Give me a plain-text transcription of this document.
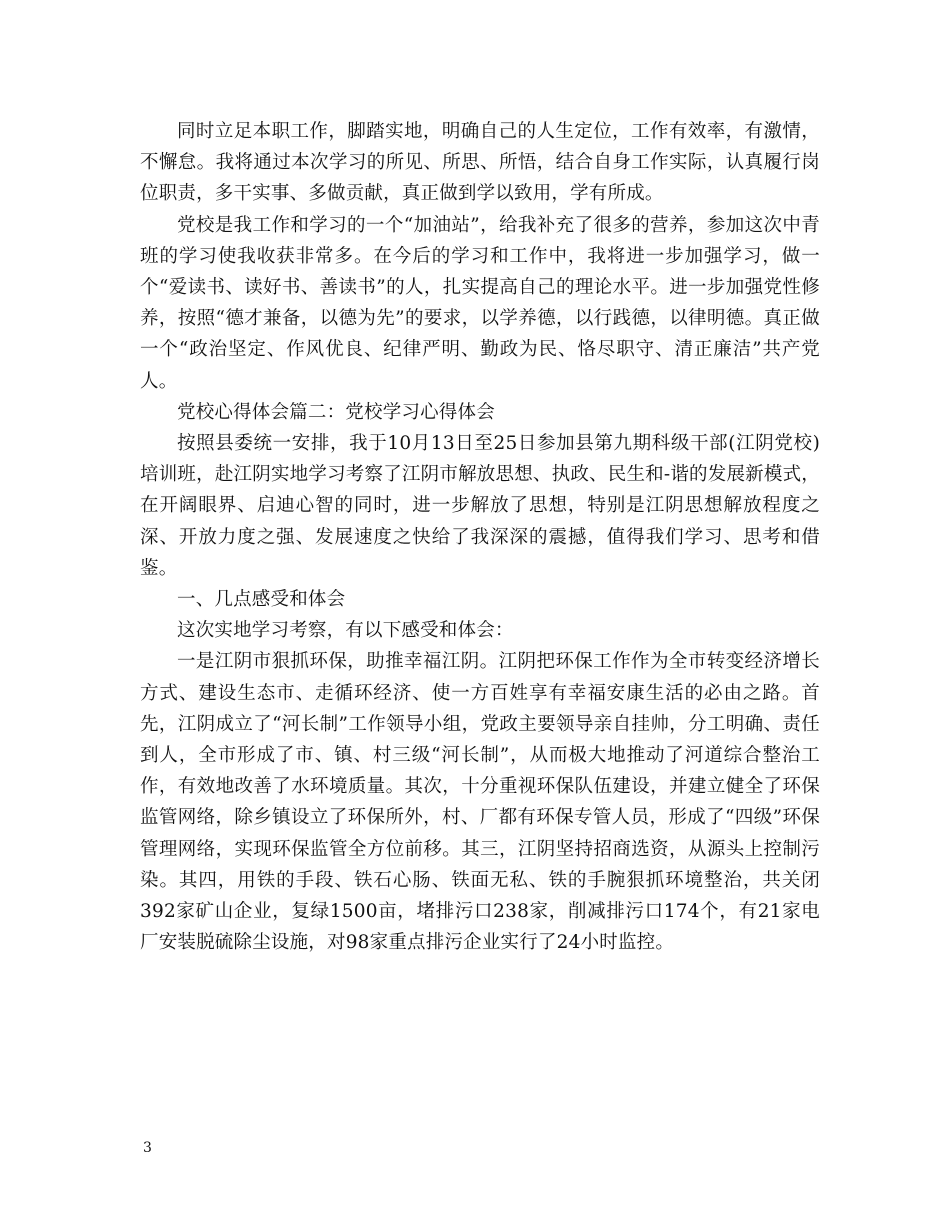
同时立足本职工作，脚踏实地，明确自己的人生定位，工作有效率，有激情，不懈怠。我将通过本次学习的所见、所思、所悟，结合自身工作实际，认真履行岗位职责，多干实事、多做贡献，真正做到学以致用，学有所成。

党校是我工作和学习的一个“加油站”，给我补充了很多的营养，参加这次中青班的学习使我收获非常多。在今后的学习和工作中，我将进一步加强学习，做一个“爱读书、读好书、善读书”的人，扎实提高自己的理论水平。进一步加强党性修养，按照“德才兼备，以德为先”的要求，以学养德，以行践德，以律明德。真正做一个“政治坚定、作风优良、纪律严明、勤政为民、恪尽职守、清正廉洁”共产党人。

党校心得体会篇二：党校学习心得体会

按照县委统一安排，我于10月13日至25日参加县第九期科级干部(江阴党校)培训班，赴江阴实地学习考察了江阴市解放思想、执政、民生和-谐的发展新模式，在开阔眼界、启迪心智的同时，进一步解放了思想，特别是江阴思想解放程度之深、开放力度之强、发展速度之快给了我深深的震撼，值得我们学习、思考和借鉴。

一、几点感受和体会

这次实地学习考察，有以下感受和体会：

一是江阴市狠抓环保，助推幸福江阴。江阴把环保工作作为全市转变经济增长方式、建设生态市、走循环经济、使一方百姓享有幸福安康生活的必由之路。首先，江阴成立了“河长制”工作领导小组，党政主要领导亲自挂帅，分工明确、责任到人，全市形成了市、镇、村三级“河长制”，从而极大地推动了河道综合整治工作，有效地改善了水环境质量。其次，十分重视环保队伍建设，并建立健全了环保监管网络，除乡镇设立了环保所外，村、厂都有环保专管人员，形成了“四级”环保管理网络，实现环保监管全方位前移。其三，江阴坚持招商选资，从源头上控制污染。其四，用铁的手段、铁石心肠、铁面无私、铁的手腕狠抓环境整治，共关闭392家矿山企业，复绿1500亩，堵排污口238家，削减排污口174个，有21家电厂安装脱硫除尘设施，对98家重点排污企业实行了24小时监控。

3
